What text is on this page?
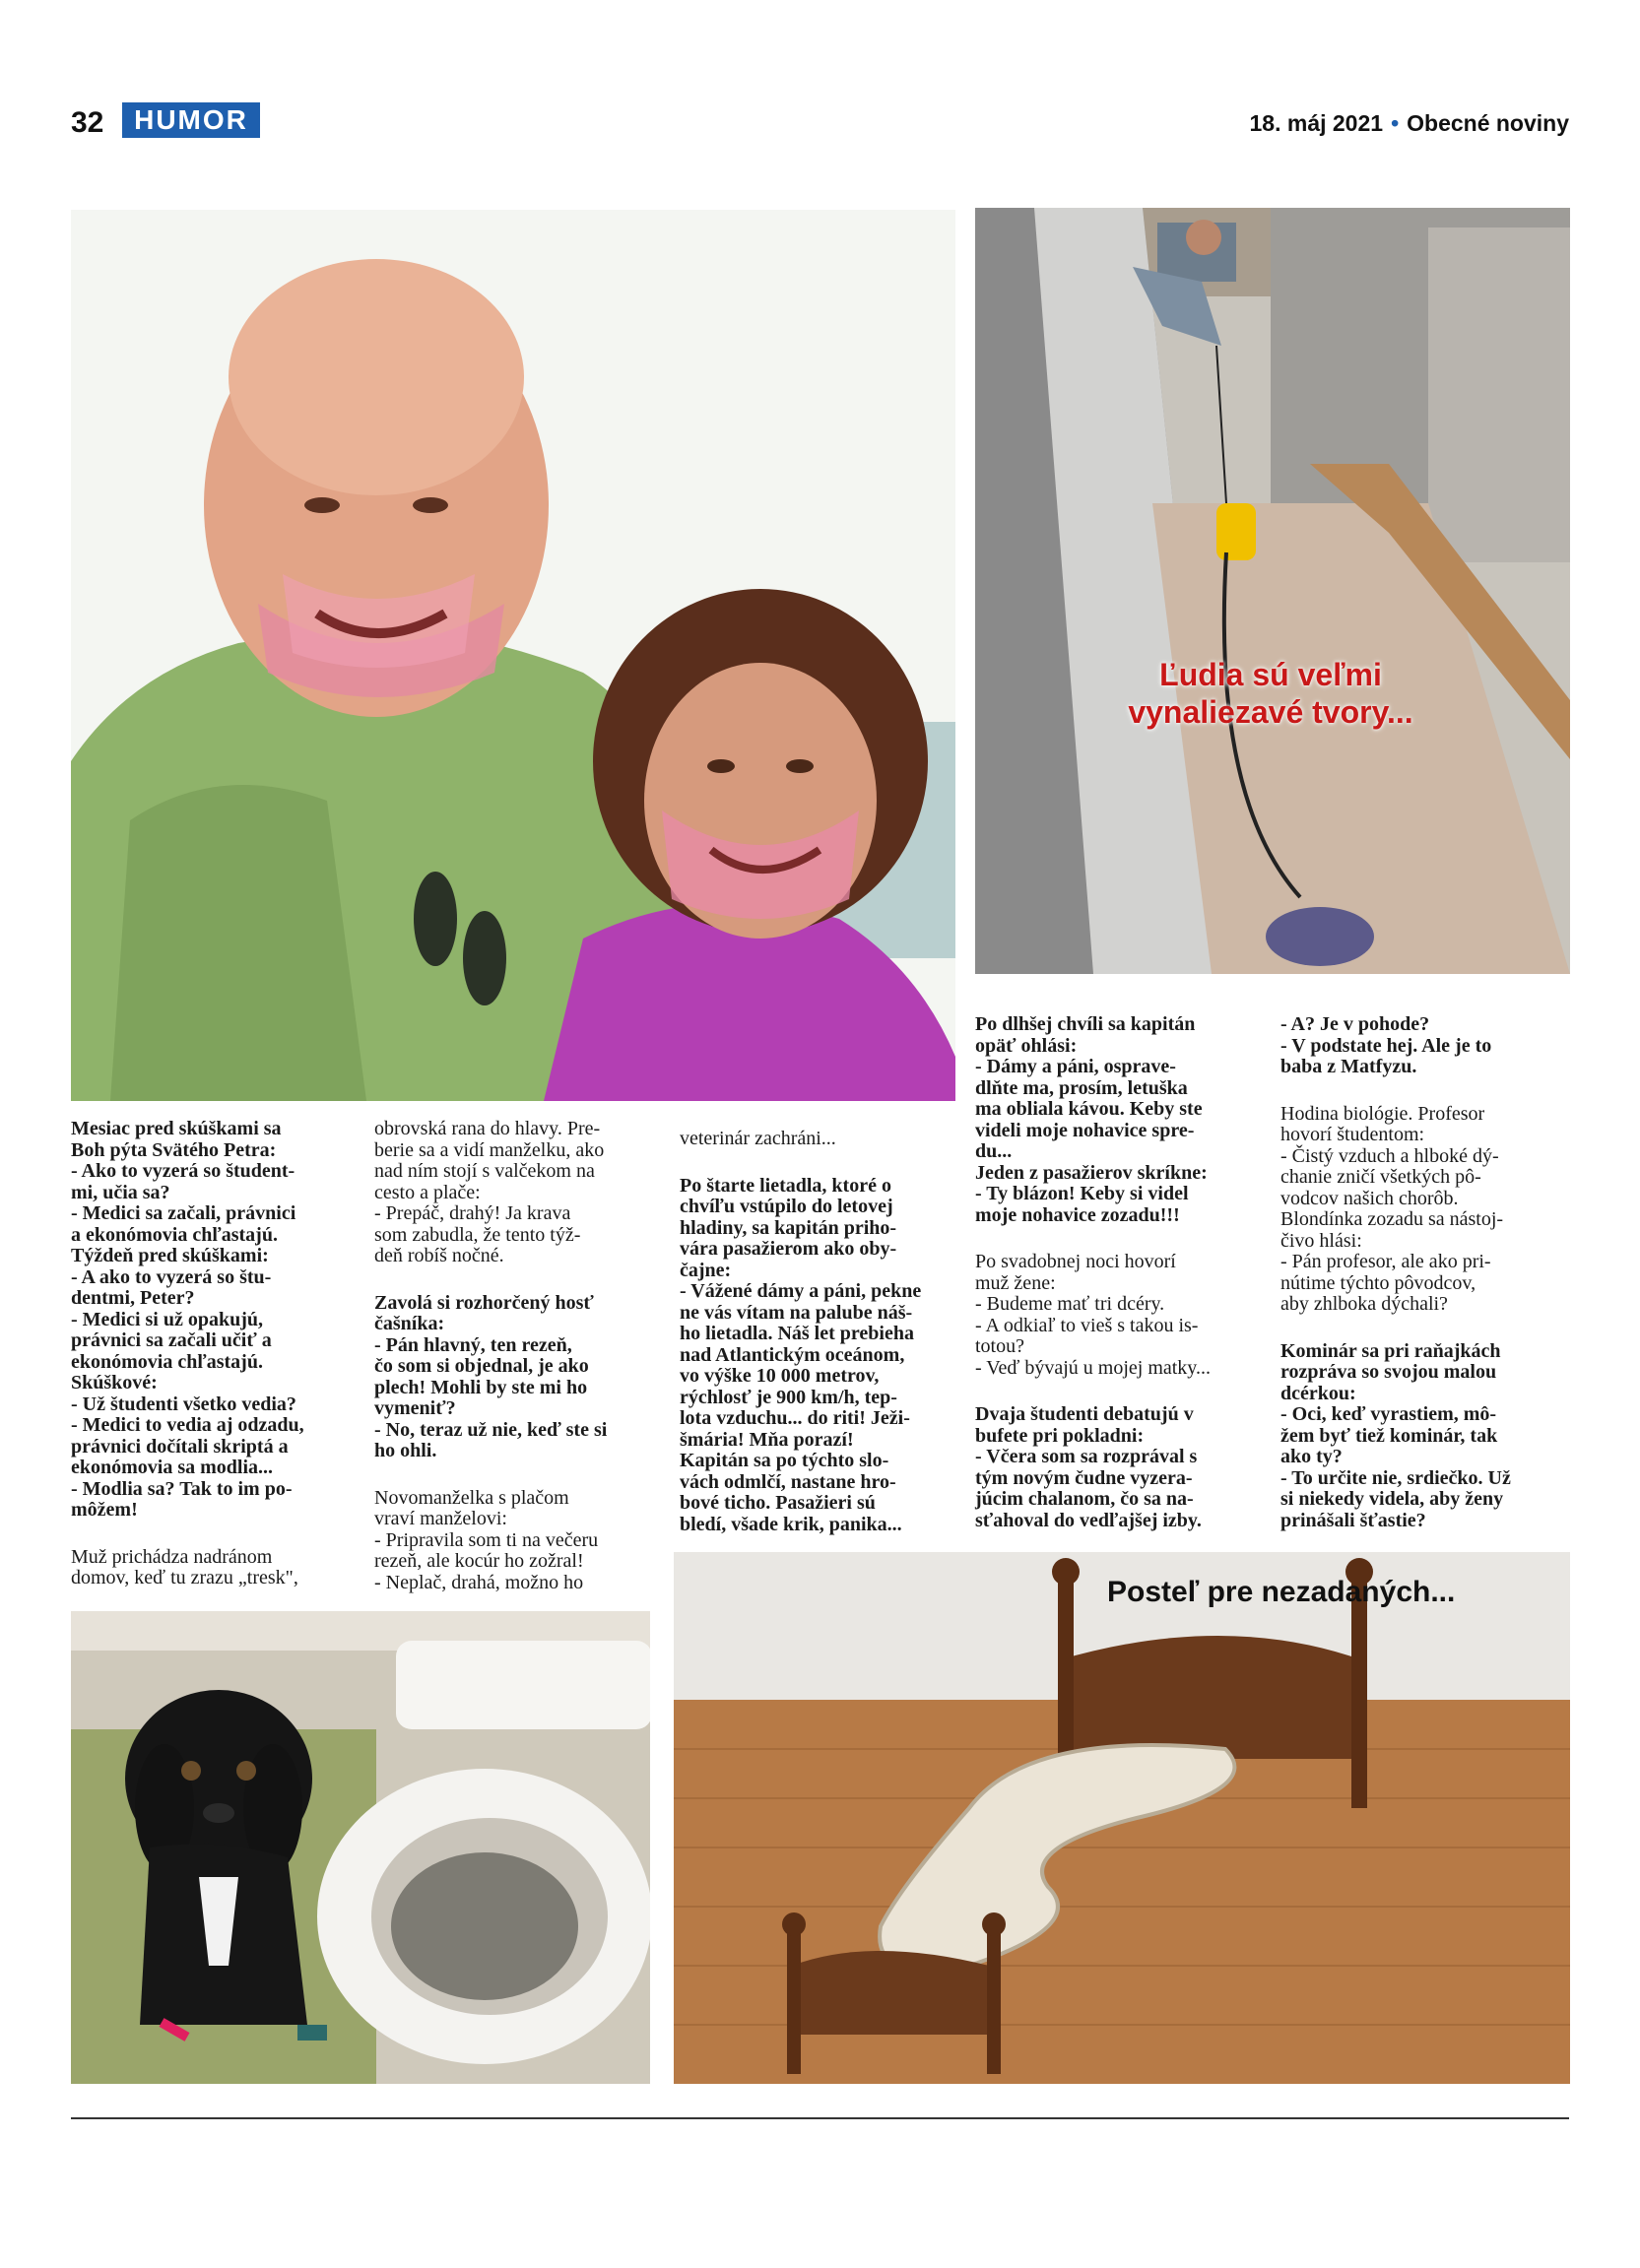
32	HUMOR	18. máj 2021 • Obecné noviny
Ľudia sú veľmi
vynaliezavé tvory...
Posteľ pre nezadaných...

Mesiac pred skúškami sa
Boh pýta Svätého Petra:
- Ako to vyzerá so študent-
mi, učia sa?
- Medici sa začali, právnici
a ekonómovia chľastajú.
Týždeň pred skúškami:
- A ako to vyzerá so štu-
dentmi, Peter?
- Medici si už opakujú,
právnici sa začali učiť a
ekonómovia chľastajú.
Skúškové:
- Už študenti všetko vedia?
- Medici to vedia aj odzadu,
právnici dočítali skriptá a
ekonómovia sa modlia...
- Modlia sa? Tak to im po-
môžem!

Muž prichádza nadránom
domov, keď tu zrazu „tresk",

obrovská rana do hlavy. Pre-
berie sa a vidí manželku, ako
nad ním stojí s valčekom na
cesto a plače:
- Prepáč, drahý! Ja krava
som zabudla, že tento týž-
deň robíš nočné.

Zavolá si rozhorčený hosť
čašníka:
- Pán hlavný, ten rezeň,
čo som si objednal, je ako
plech! Mohli by ste mi ho
vymeniť?
- No, teraz už nie, keď ste si
ho ohli.

Novomanželka s plačom
vraví manželovi:
- Pripravila som ti na večeru
rezeň, ale kocúr ho zožral!
- Neplač, drahá, možno ho

veterinár zachráni...

Po štarte lietadla, ktoré o
chvíľu vstúpilo do letovej
hladiny, sa kapitán priho-
vára pasažierom ako oby-
čajne:
- Vážené dámy a páni, pekne
ne vás vítam na palube náš-
ho lietadla. Náš let prebieha
nad Atlantickým oceánom,
vo výške 10 000 metrov,
rýchlosť je 900 km/h, tep-
lota vzduchu... do riti! Ježi-
šmária! Mňa porazí!
Kapitán sa po týchto slo-
vách odmlčí, nastane hro-
bové ticho. Pasažieri sú
bledí, všade krik, panika...

Po dlhšej chvíli sa kapitán
opäť ohlási:
- Dámy a páni, osprave-
dlňte ma, prosím, letuška
ma obliala kávou. Keby ste
videli moje nohavice spre-
du...
Jeden z pasažierov skríkne:
- Ty blázon! Keby si videl
moje nohavice zozadu!!!

Po svadobnej noci hovorí
muž žene:
- Budeme mať tri dcéry.
- A odkiaľ to vieš s takou is-
totou?
- Veď bývajú u mojej matky...

Dvaja študenti debatujú v
bufete pri pokladni:
- Včera som sa rozprával s
tým novým čudne vyzera-
júcim chalanom, čo sa na-
sťahoval do vedľajšej izby.

- A? Je v pohode?
- V podstate hej. Ale je to
baba z Matfyzu.

Hodina biológie. Profesor
hovorí študentom:
- Čistý vzduch a hlboké dý-
chanie zničí všetkých pô-
vodcov našich chorôb.
Blondínka zozadu sa nástoj-
čivo hlási:
- Pán profesor, ale ako pri-
nútime týchto pôvodcov,
aby zhlboka dýchali?

Kominár sa pri raňajkách
rozpráva so svojou malou
dcérkou:
- Oci, keď vyrastiem, mô-
žem byť tiež kominár, tak
ako ty?
- To určite nie, srdiečko. Už
si niekedy videla, aby ženy
prinášali šťastie?
